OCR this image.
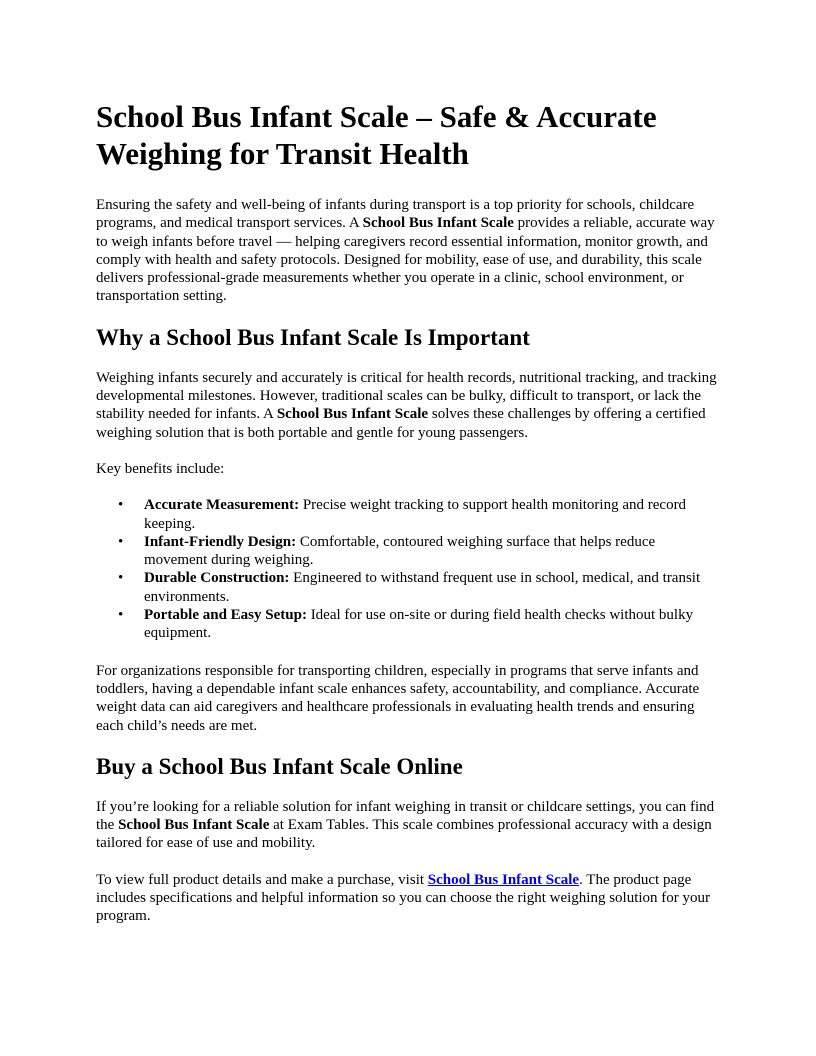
School Bus Infant Scale – Safe & Accurate Weighing for Transit Health

Ensuring the safety and well-being of infants during transport is a top priority for schools, childcare programs, and medical transport services. A School Bus Infant Scale provides a reliable, accurate way to weigh infants before travel — helping caregivers record essential information, monitor growth, and comply with health and safety protocols. Designed for mobility, ease of use, and durability, this scale delivers professional-grade measurements whether you operate in a clinic, school environment, or transportation setting.

Why a School Bus Infant Scale Is Important

Weighing infants securely and accurately is critical for health records, nutritional tracking, and tracking developmental milestones. However, traditional scales can be bulky, difficult to transport, or lack the stability needed for infants. A School Bus Infant Scale solves these challenges by offering a certified weighing solution that is both portable and gentle for young passengers.

Key benefits include:

• Accurate Measurement: Precise weight tracking to support health monitoring and record keeping.
• Infant-Friendly Design: Comfortable, contoured weighing surface that helps reduce movement during weighing.
• Durable Construction: Engineered to withstand frequent use in school, medical, and transit environments.
• Portable and Easy Setup: Ideal for use on-site or during field health checks without bulky equipment.

For organizations responsible for transporting children, especially in programs that serve infants and toddlers, having a dependable infant scale enhances safety, accountability, and compliance. Accurate weight data can aid caregivers and healthcare professionals in evaluating health trends and ensuring each child’s needs are met.

Buy a School Bus Infant Scale Online

If you’re looking for a reliable solution for infant weighing in transit or childcare settings, you can find the School Bus Infant Scale at Exam Tables. This scale combines professional accuracy with a design tailored for ease of use and mobility.

To view full product details and make a purchase, visit School Bus Infant Scale. The product page includes specifications and helpful information so you can choose the right weighing solution for your program.
